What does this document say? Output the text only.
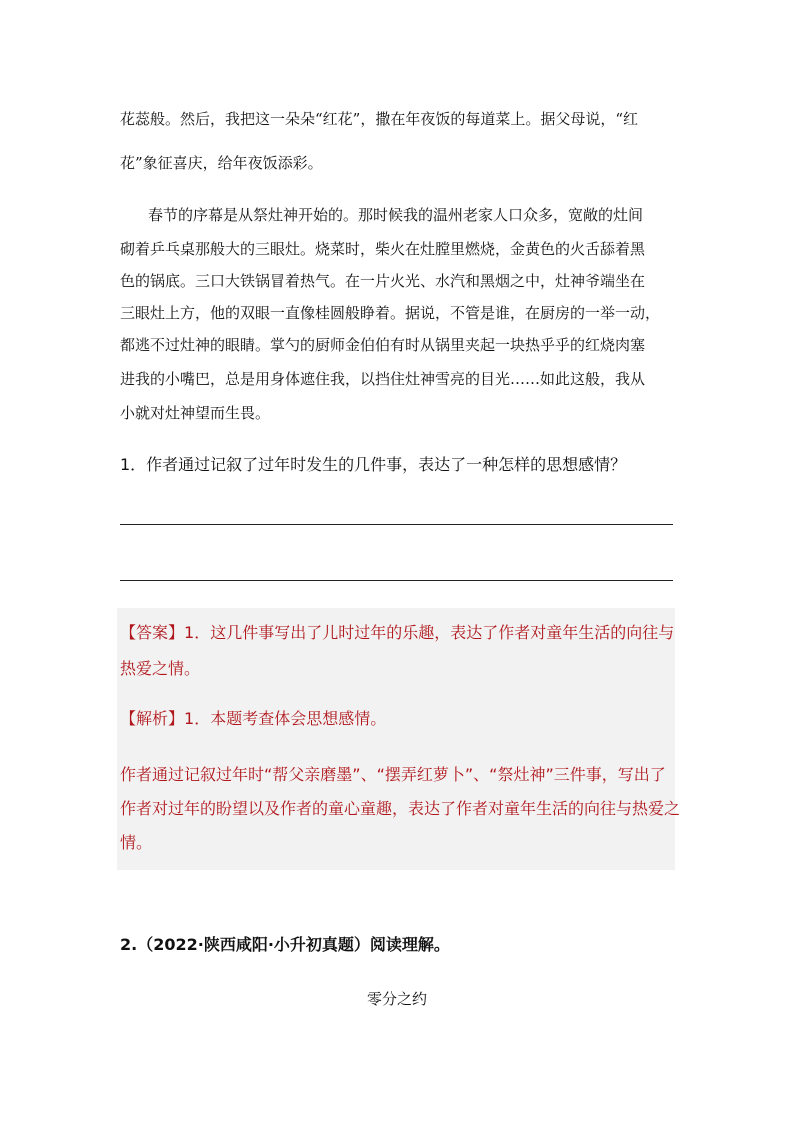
花蕊般。然后，我把这一朵朵“红花”，撒在年夜饭的每道菜上。据父母说，“红
花”象征喜庆，给年夜饭添彩。
春节的序幕是从祭灶神开始的。那时候我的温州老家人口众多，宽敞的灶间
砌着乒乓桌那般大的三眼灶。烧菜时，柴火在灶膛里燃烧，金黄色的火舌舔着黑
色的锅底。三口大铁锅冒着热气。在一片火光、水汽和黑烟之中，灶神爷端坐在
三眼灶上方，他的双眼一直像桂圆般睁着。据说，不管是谁，在厨房的一举一动，
都逃不过灶神的眼睛。掌勺的厨师金伯伯有时从锅里夹起一块热乎乎的红烧肉塞
进我的小嘴巴，总是用身体遮住我，以挡住灶神雪亮的目光……如此这般，我从
小就对灶神望而生畏。
1．作者通过记叙了过年时发生的几件事，表达了一种怎样的思想感情？
【答案】1．这几件事写出了儿时过年的乐趣，表达了作者对童年生活的向往与
热爱之情。
【解析】1．本题考查体会思想感情。
作者通过记叙过年时“帮父亲磨墨”、“摆弄红萝卜”、“祭灶神”三件事，写出了
作者对过年的盼望以及作者的童心童趣，表达了作者对童年生活的向往与热爱之
情。
2.（2022·陕西咸阳·小升初真题）阅读理解。
零分之约
